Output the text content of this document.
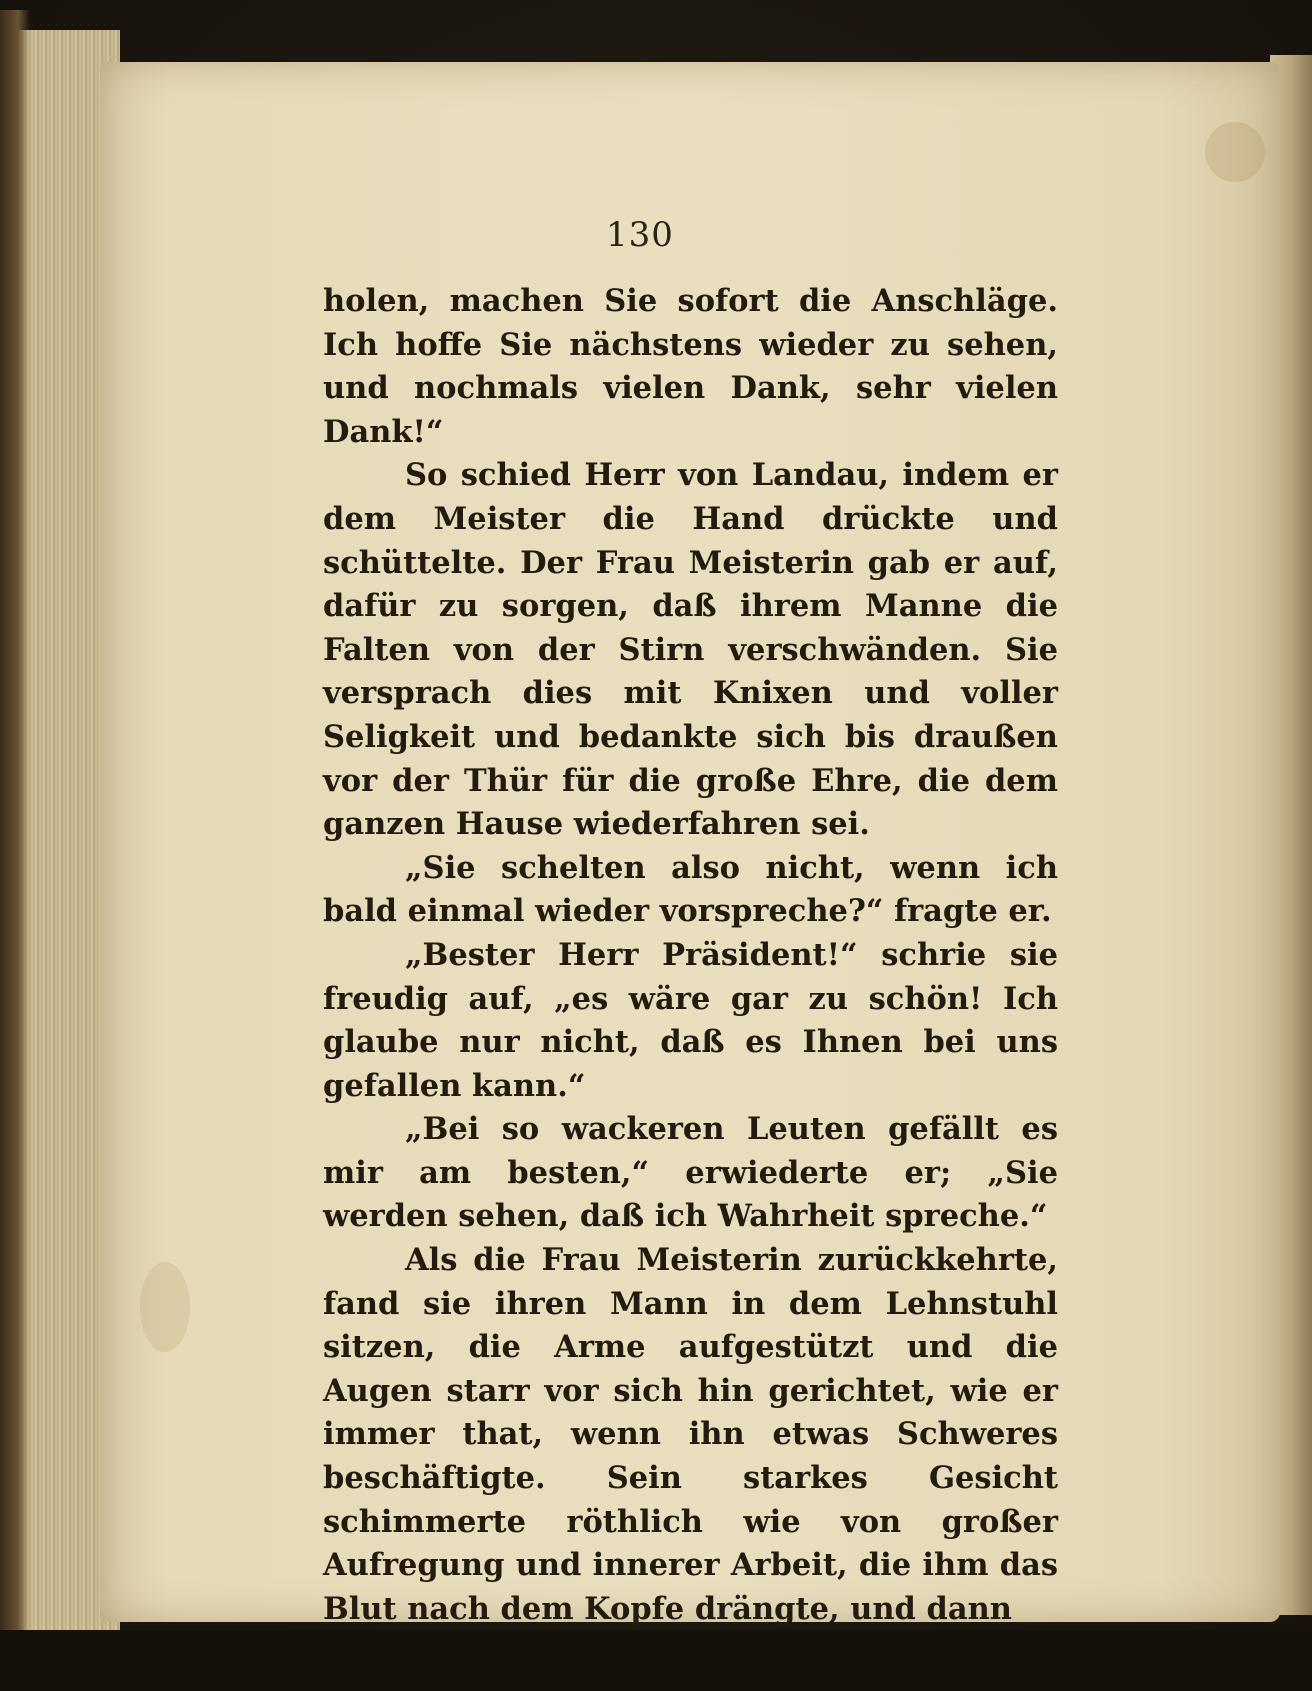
130

holen, machen Sie sofort die Anschläge. Ich hoffe Sie nächstens wieder zu sehen, und nochmals vielen Dank, sehr vielen Dank!“

So schied Herr von Landau, indem er dem Meister die Hand drückte und schüttelte. Der Frau Meisterin gab er auf, dafür zu sorgen, daß ihrem Manne die Falten von der Stirn verschwänden. Sie versprach dies mit Knixen und voller Seligkeit und bedankte sich bis draußen vor der Thür für die große Ehre, die dem ganzen Hause wiederfahren sei.

„Sie schelten also nicht, wenn ich bald einmal wieder vorspreche?“ fragte er.

„Bester Herr Präsident!“ schrie sie freudig auf, „es wäre gar zu schön! Ich glaube nur nicht, daß es Ihnen bei uns gefallen kann.“

„Bei so wackeren Leuten gefällt es mir am besten,“ erwiederte er; „Sie werden sehen, daß ich Wahrheit spreche.“

Als die Frau Meisterin zurückkehrte, fand sie ihren Mann in dem Lehnstuhl sitzen, die Arme aufgestützt und die Augen starr vor sich hin gerichtet, wie er immer that, wenn ihn etwas Schweres beschäftigte. Sein starkes Gesicht schimmerte röthlich wie von großer Aufregung und innerer Arbeit, die ihm das Blut nach dem Kopfe drängte, und dann
